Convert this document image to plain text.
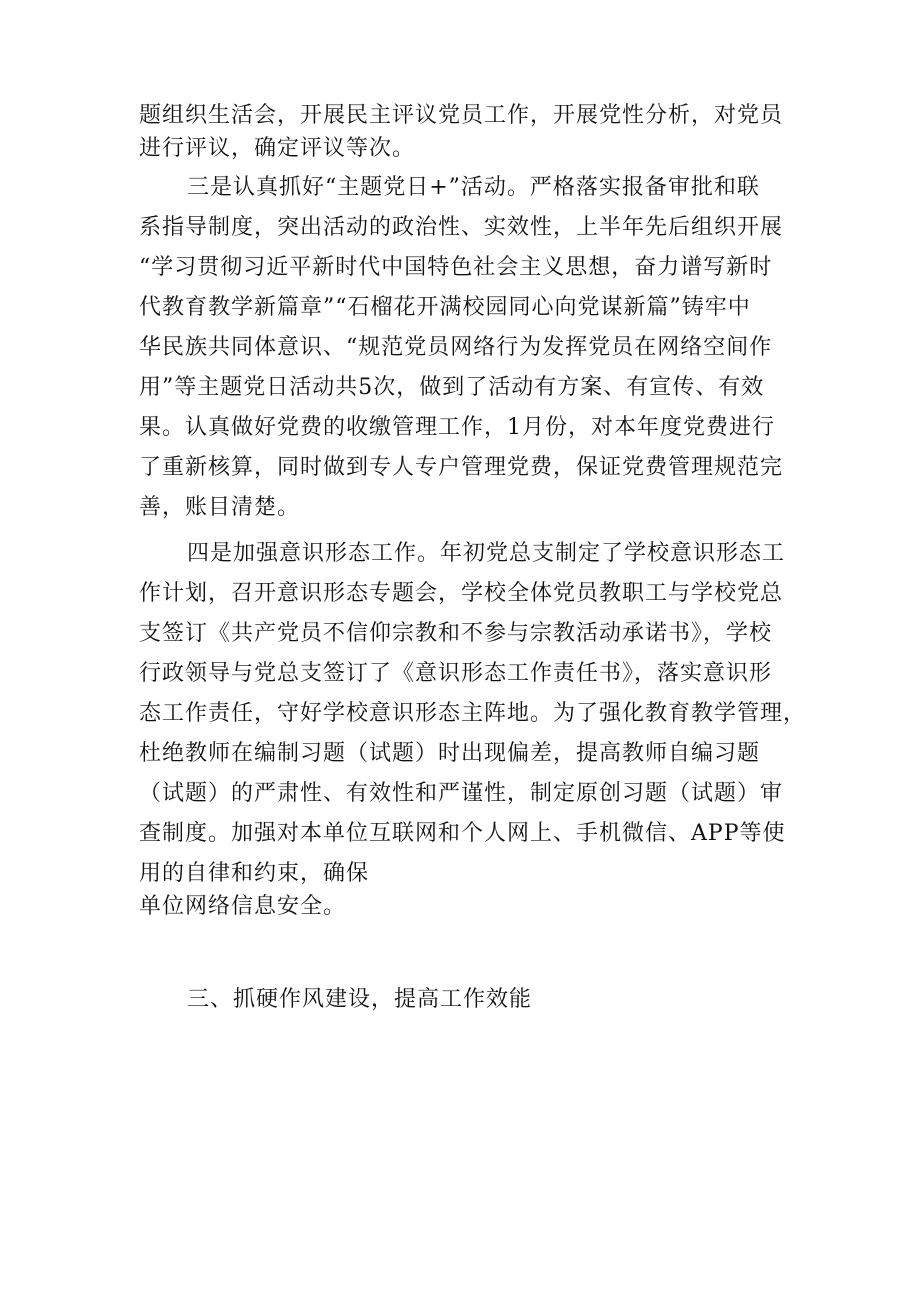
题组织生活会，开展民主评议党员工作，开展党性分析，对党员
进行评议，确定评议等次。
三是认真抓好“主题党日+”活动。严格落实报备审批和联
系指导制度，突出活动的政治性、实效性，上半年先后组织开展
“学习贯彻习近平新时代中国特色社会主义思想，奋力谱写新时
代教育教学新篇章”“石榴花开满校园同心向党谋新篇”铸牢中
华民族共同体意识、“规范党员网络行为发挥党员在网络空间作
用”等主题党日活动共5次，做到了活动有方案、有宣传、有效
果。认真做好党费的收缴管理工作，1月份，对本年度党费进行
了重新核算，同时做到专人专户管理党费，保证党费管理规范完
善，账目清楚。
四是加强意识形态工作。年初党总支制定了学校意识形态工
作计划，召开意识形态专题会，学校全体党员教职工与学校党总
支签订《共产党员不信仰宗教和不参与宗教活动承诺书》，学校
行政领导与党总支签订了《意识形态工作责任书》，落实意识形
态工作责任，守好学校意识形态主阵地。为了强化教育教学管理，
杜绝教师在编制习题（试题）时出现偏差，提高教师自编习题
（试题）的严肃性、有效性和严谨性，制定原创习题（试题）审
查制度。加强对本单位互联网和个人网上、手机微信、APP等使
用的自律和约束，确保
单位网络信息安全。
三、抓硬作风建设，提高工作效能
